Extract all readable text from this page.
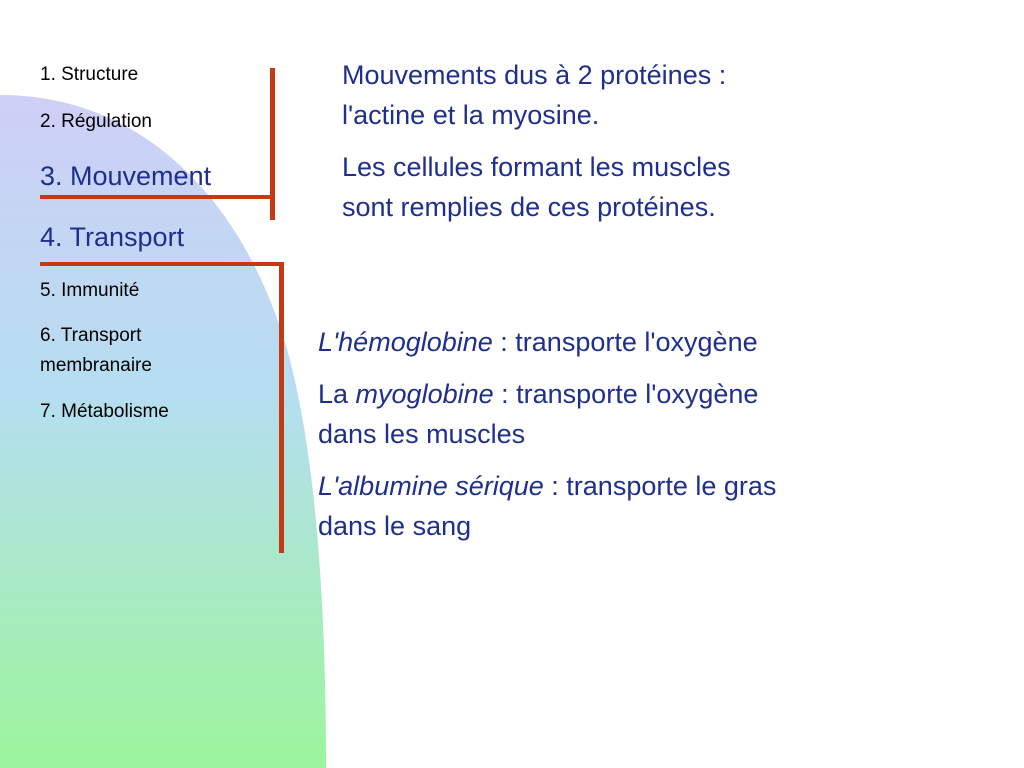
1. Structure
2. Régulation
3. Mouvement
4. Transport
5. Immunité
6. Transport
membranaire
7. Métabolisme

Mouvements dus à 2 protéines :
l'actine et la myosine.

Les cellules formant les muscles
sont remplies de ces protéines.

L'hémoglobine : transporte l'oxygène

La myoglobine : transporte l'oxygène
dans les muscles

L'albumine sérique : transporte le gras
dans le sang
